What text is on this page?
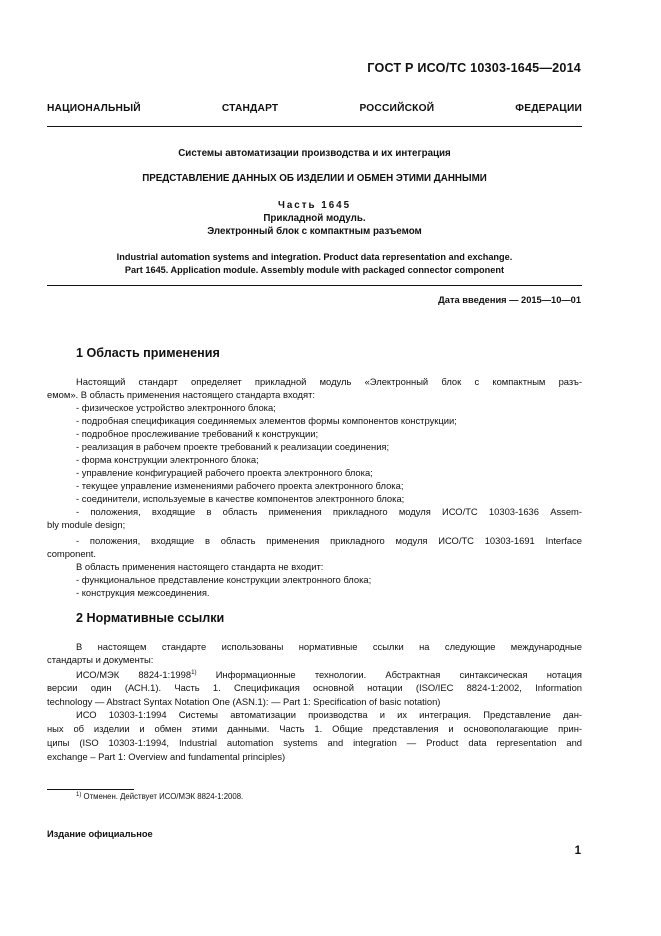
ГОСТ Р ИСО/ТС 10303-1645—2014
НАЦИОНАЛЬНЫЙ СТАНДАРТ РОССИЙСКОЙ ФЕДЕРАЦИИ
Системы автоматизации производства и их интеграция
ПРЕДСТАВЛЕНИЕ ДАННЫХ ОБ ИЗДЕЛИИ И ОБМЕН ЭТИМИ ДАННЫМИ
Часть 1645
Прикладной модуль.
Электронный блок с компактным разъемом
Industrial automation systems and integration. Product data representation and exchange.
Part 1645. Application module. Assembly module with packaged connector component
Дата введения — 2015—10—01
1 Область применения
Настоящий стандарт определяет прикладной модуль «Электронный блок с компактным разъ-
емом». В область применения настоящего стандарта входят:
- физическое устройство электронного блока;
- подробная спецификация соединяемых элементов формы компонентов конструкции;
- подробное прослеживание требований к конструкции;
- реализация в рабочем проекте требований к реализации соединения;
- форма конструкции электронного блока;
- управление конфигурацией рабочего проекта электронного блока;
- текущее управление изменениями рабочего проекта электронного блока;
- соединители, используемые в качестве компонентов электронного блока;
- положения, входящие в область применения прикладного модуля ИСО/ТС 10303-1636 Assem-
bly module design;
- положения, входящие в область применения прикладного модуля ИСО/ТС 10303-1691 Interface
component.
В область применения настоящего стандарта не входит:
- функциональное представление конструкции электронного блока;
- конструкция межсоединения.
2 Нормативные ссылки
В настоящем стандарте использованы нормативные ссылки на следующие международные
стандарты и документы:
ИСО/МЭК 8824-1:1998$^{1)}$ Информационные технологии. Абстрактная синтаксическая нотация
версии один (АСН.1). Часть 1. Спецификация основной нотации (ISO/IEC 8824-1:2002, Information
technology — Abstract Syntax Notation One (ASN.1): — Part 1: Specification of basic notation)
ИСО 10303-1:1994 Системы автоматизации производства и их интеграция. Представление дан-
ных об изделии и обмен этими данными. Часть 1. Общие представления и основополагающие прин-
ципы (ISO 10303-1:1994, Industrial automation systems and integration — Product data representation and
exchange – Part 1: Overview and fundamental principles)
$^{1)}$ Отменен. Действует ИСО/МЭК 8824-1:2008.
Издание официальное
1
